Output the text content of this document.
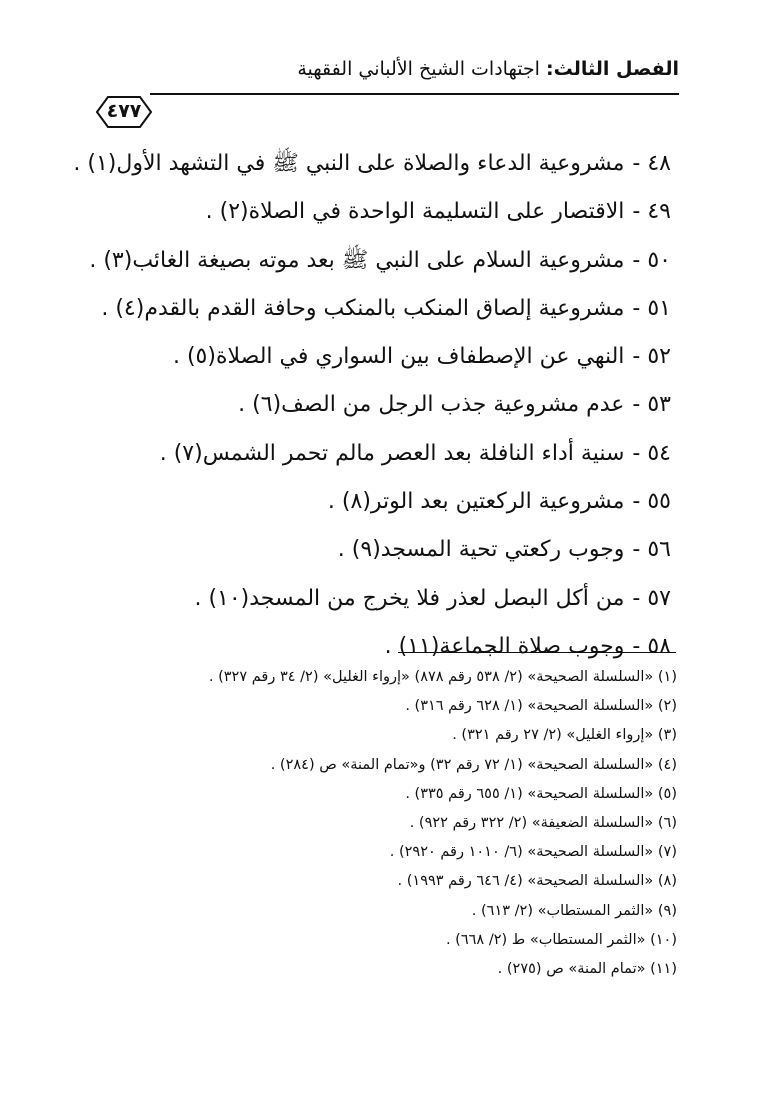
الفصل الثالث: اجتهادات الشيخ الألباني الفقهية
٤٧٧
٤٨ -مشروعية الدعاء والصلاة على النبي ﷺ في التشهد الأول(١) .
٤٩ -الاقتصار على التسليمة الواحدة في الصلاة(٢) .
٥٠ -مشروعية السلام على النبي ﷺ بعد موته بصيغة الغائب(٣) .
٥١ -مشروعية إلصاق المنكب بالمنكب وحافة القدم بالقدم(٤) .
٥٢ -النهي عن الإصطفاف بين السواري في الصلاة(٥) .
٥٣ -عدم مشروعية جذب الرجل من الصف(٦) .
٥٤ -سنية أداء النافلة بعد العصر مالم تحمر الشمس(٧) .
٥٥ -مشروعية الركعتين بعد الوتر(٨) .
٥٦ -وجوب ركعتي تحية المسجد(٩) .
٥٧ -من أكل البصل لعذر فلا يخرج من المسجد(١٠) .
٥٨ -وجوب صلاة الجماعة(١١) .
(١) «السلسلة الصحيحة» (٢/ ٥٣٨ رقم ٨٧٨) «إرواء الغليل» (٢/ ٣٤ رقم ٣٢٧) .
(٢) «السلسلة الصحيحة» (١/ ٦٢٨ رقم ٣١٦) .
(٣) «إرواء الغليل» (٢/ ٢٧ رقم ٣٢١) .
(٤) «السلسلة الصحيحة» (١/ ٧٢ رقم ٣٢) و«تمام المنة» ص (٢٨٤) .
(٥) «السلسلة الصحيحة» (١/ ٦٥٥ رقم ٣٣٥) .
(٦) «السلسلة الضعيفة» (٢/ ٣٢٢ رقم ٩٢٢) .
(٧) «السلسلة الصحيحة» (٦/ ١٠١٠ رقم ٢٩٢٠) .
(٨) «السلسلة الصحيحة» (٤/ ٦٤٦ رقم ١٩٩٣) .
(٩) «الثمر المستطاب» (٢/ ٦١٣) .
(١٠) «الثمر المستطاب» ط (٢/ ٦٦٨) .
(١١) «تمام المنة» ص (٢٧٥) .
